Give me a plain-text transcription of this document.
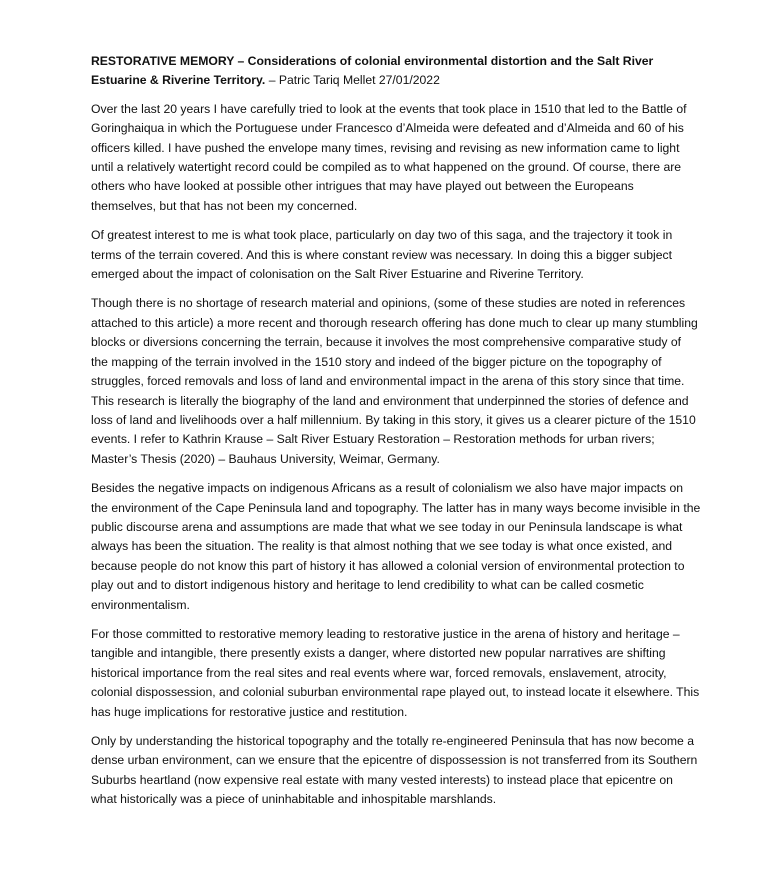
RESTORATIVE MEMORY – Considerations of colonial environmental distortion and the Salt River Estuarine & Riverine Territory. – Patric Tariq Mellet 27/01/2022

Over the last 20 years I have carefully tried to look at the events that took place in 1510 that led to the Battle of Goringhaiqua in which the Portuguese under Francesco d’Almeida were defeated and d’Almeida and 60 of his officers killed. I have pushed the envelope many times, revising and revising as new information came to light until a relatively watertight record could be compiled as to what happened on the ground. Of course, there are others who have looked at possible other intrigues that may have played out between the Europeans themselves, but that has not been my concerned.

Of greatest interest to me is what took place, particularly on day two of this saga, and the trajectory it took in terms of the terrain covered. And this is where constant review was necessary. In doing this a bigger subject emerged about the impact of colonisation on the Salt River Estuarine and Riverine Territory.

Though there is no shortage of research material and opinions, (some of these studies are noted in references attached to this article) a more recent and thorough research offering has done much to clear up many stumbling blocks or diversions concerning the terrain, because it involves the most comprehensive comparative study of the mapping of the terrain involved in the 1510 story and indeed of the bigger picture on the topography of struggles, forced removals and loss of land and environmental impact in the arena of this story since that time. This research is literally the biography of the land and environment that underpinned the stories of defence and loss of land and livelihoods over a half millennium. By taking in this story, it gives us a clearer picture of the 1510 events. I refer to Kathrin Krause – Salt River Estuary Restoration – Restoration methods for urban rivers; Master’s Thesis (2020) – Bauhaus University, Weimar, Germany.

Besides the negative impacts on indigenous Africans as a result of colonialism we also have major impacts on the environment of the Cape Peninsula land and topography. The latter has in many ways become invisible in the public discourse arena and assumptions are made that what we see today in our Peninsula landscape is what always has been the situation. The reality is that almost nothing that we see today is what once existed, and because people do not know this part of history it has allowed a colonial version of environmental protection to play out and to distort indigenous history and heritage to lend credibility to what can be called cosmetic environmentalism.

For those committed to restorative memory leading to restorative justice in the arena of history and heritage – tangible and intangible, there presently exists a danger, where distorted new popular narratives are shifting historical importance from the real sites and real events where war, forced removals, enslavement, atrocity, colonial dispossession, and colonial suburban environmental rape played out, to instead locate it elsewhere. This has huge implications for restorative justice and restitution.

Only by understanding the historical topography and the totally re-engineered Peninsula that has now become a dense urban environment, can we ensure that the epicentre of dispossession is not transferred from its Southern Suburbs heartland (now expensive real estate with many vested interests) to instead place that epicentre on what historically was a piece of uninhabitable and inhospitable marshlands.
